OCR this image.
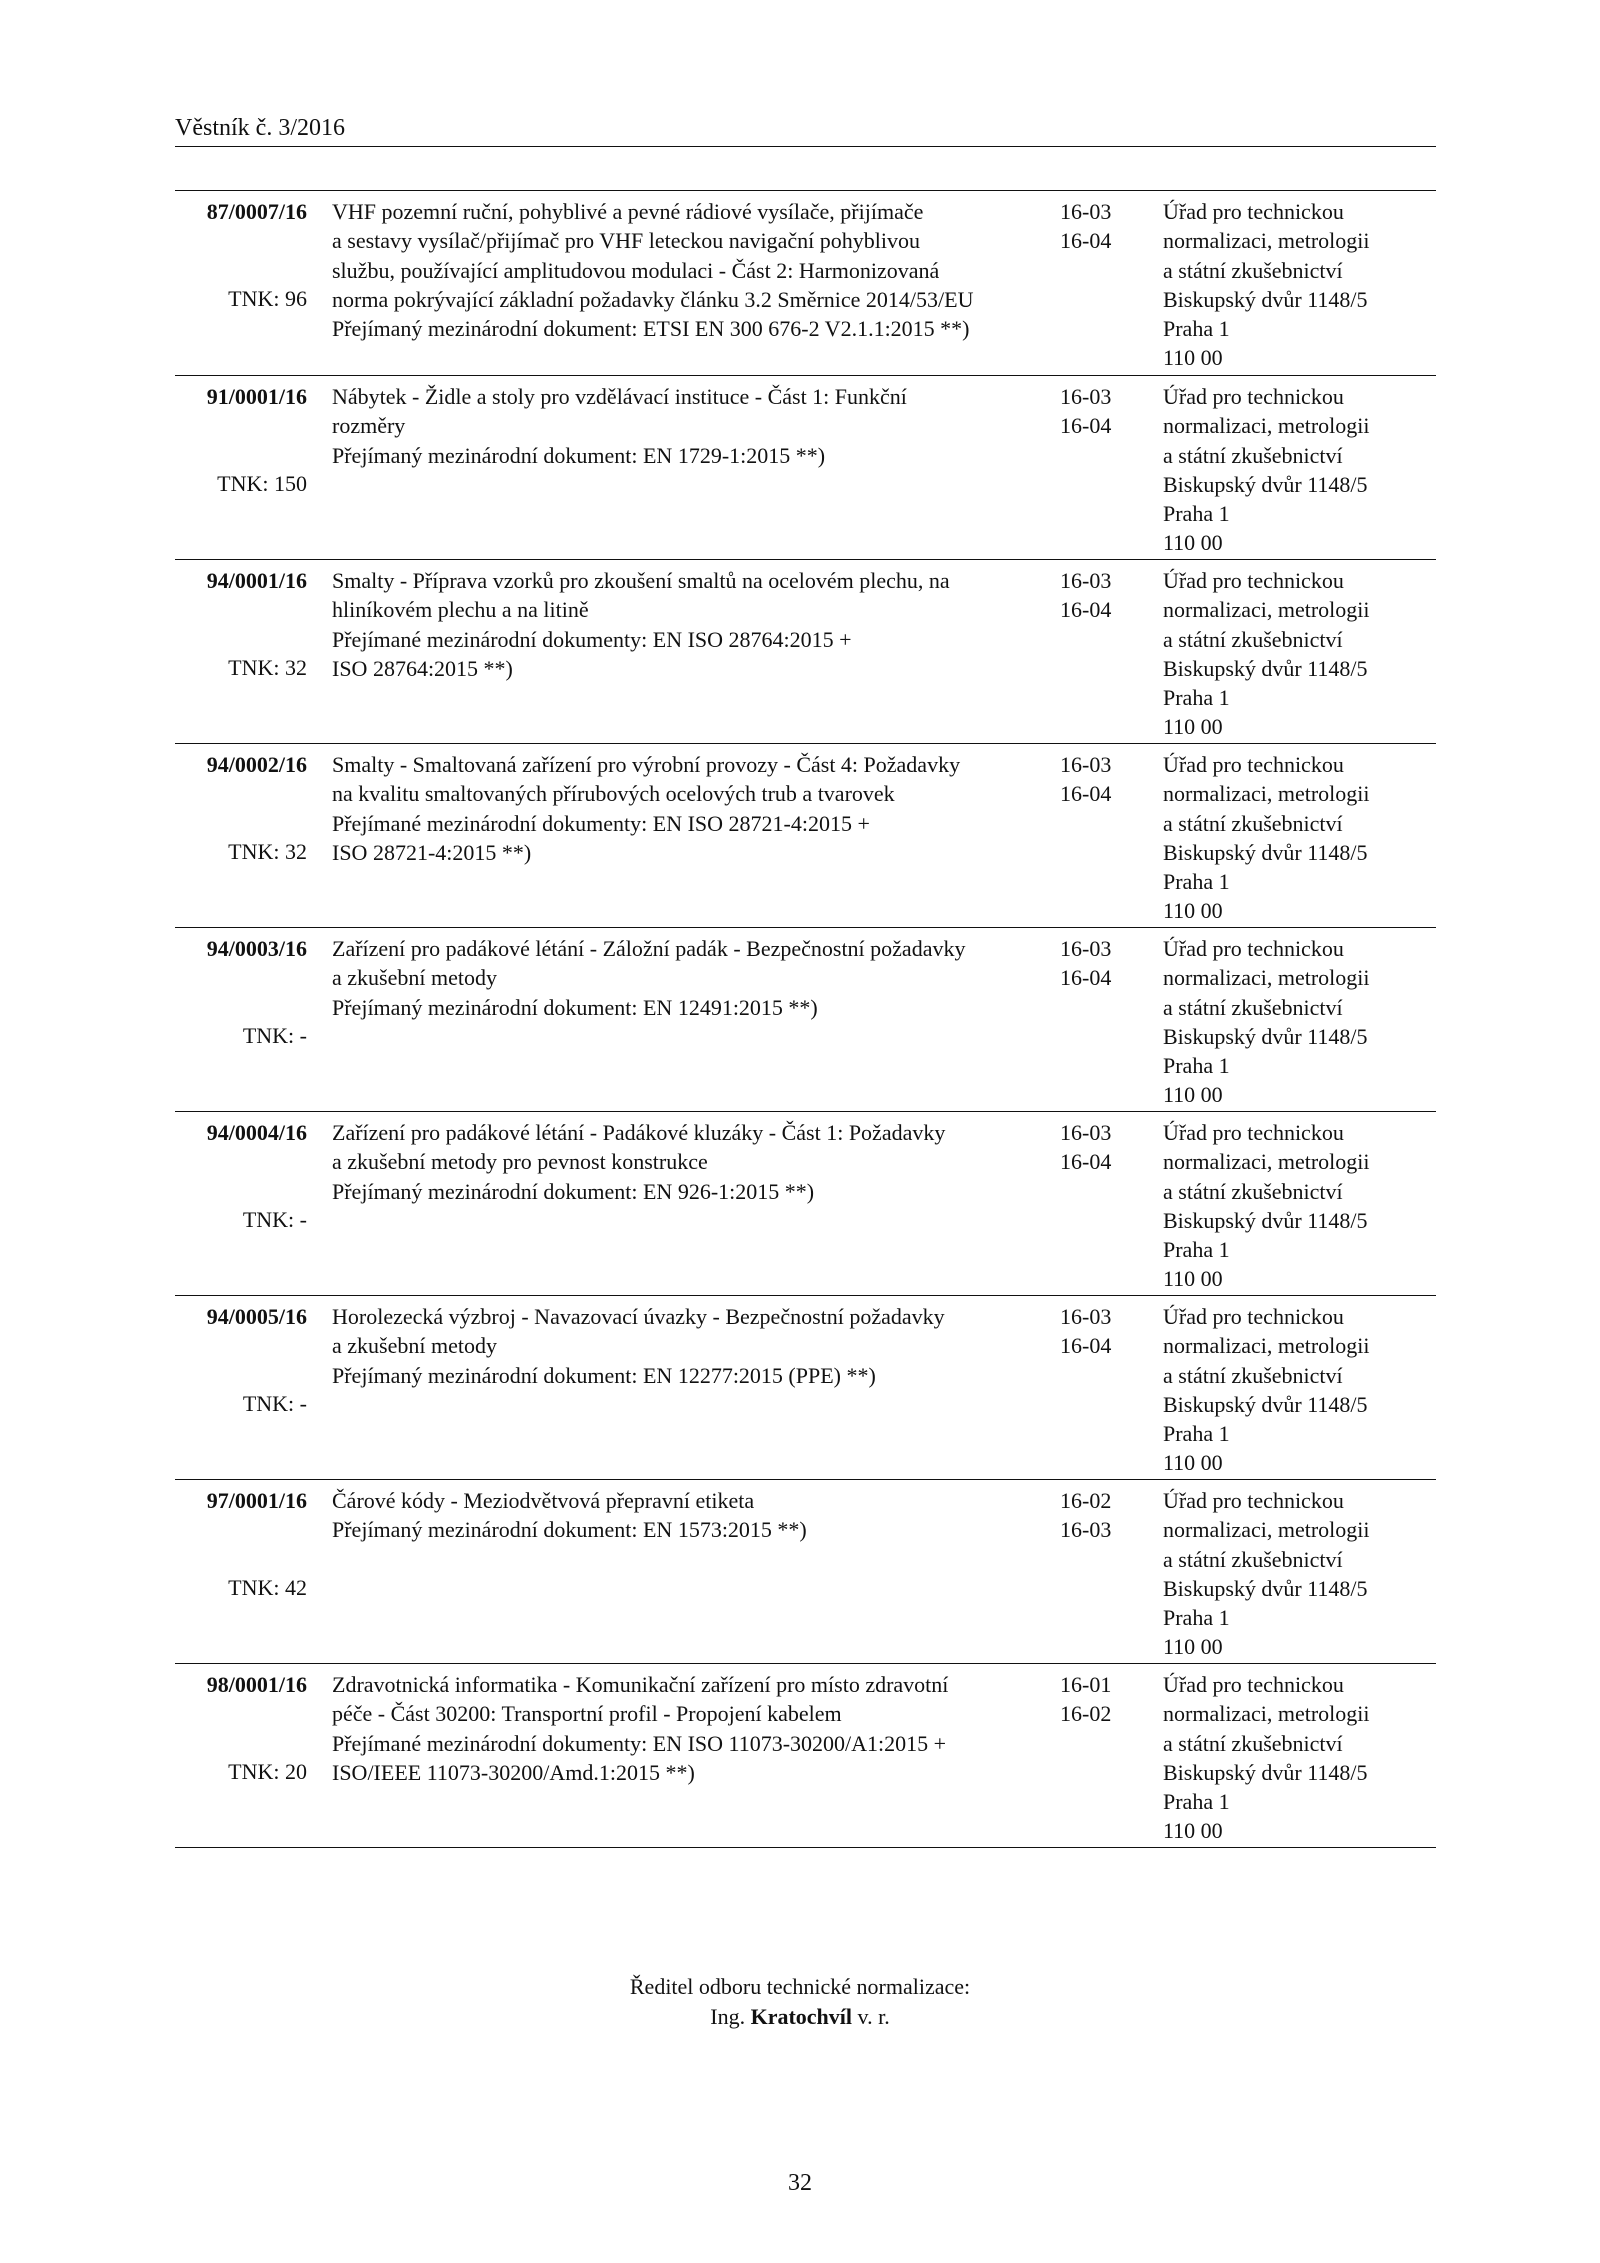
Věstník č. 3/2016
87/0007/16
TNK: 96
VHF pozemní ruční, pohyblivé a pevné rádiové vysílače, přijímače
a sestavy vysílač/přijímač pro VHF leteckou navigační pohyblivou
službu, používající amplitudovou modulaci - Část 2: Harmonizovaná
norma pokrývající základní požadavky článku 3.2 Směrnice 2014/53/EU
Přejímaný mezinárodní dokument: ETSI EN 300 676-2 V2.1.1:2015 **)
16-03
16-04
Úřad pro technickou
normalizaci, metrologii
a státní zkušebnictví
Biskupský dvůr 1148/5
Praha 1
110 00
91/0001/16
TNK: 150
Nábytek - Židle a stoly pro vzdělávací instituce - Část 1: Funkční
rozměry
Přejímaný mezinárodní dokument: EN 1729-1:2015 **)
16-03
16-04
Úřad pro technickou
normalizaci, metrologii
a státní zkušebnictví
Biskupský dvůr 1148/5
Praha 1
110 00
94/0001/16
TNK: 32
Smalty - Příprava vzorků pro zkoušení smaltů na ocelovém plechu, na
hliníkovém plechu a na litině
Přejímané mezinárodní dokumenty: EN ISO 28764:2015 +
ISO 28764:2015 **)
16-03
16-04
Úřad pro technickou
normalizaci, metrologii
a státní zkušebnictví
Biskupský dvůr 1148/5
Praha 1
110 00
94/0002/16
TNK: 32
Smalty - Smaltovaná zařízení pro výrobní provozy - Část 4: Požadavky
na kvalitu smaltovaných přírubových ocelových trub a tvarovek
Přejímané mezinárodní dokumenty: EN ISO 28721-4:2015 +
ISO 28721-4:2015 **)
16-03
16-04
Úřad pro technickou
normalizaci, metrologii
a státní zkušebnictví
Biskupský dvůr 1148/5
Praha 1
110 00
94/0003/16
TNK: -
Zařízení pro padákové létání - Záložní padák - Bezpečnostní požadavky
a zkušební metody
Přejímaný mezinárodní dokument: EN 12491:2015 **)
16-03
16-04
Úřad pro technickou
normalizaci, metrologii
a státní zkušebnictví
Biskupský dvůr 1148/5
Praha 1
110 00
94/0004/16
TNK: -
Zařízení pro padákové létání - Padákové kluzáky - Část 1: Požadavky
a zkušební metody pro pevnost konstrukce
Přejímaný mezinárodní dokument: EN 926-1:2015 **)
16-03
16-04
Úřad pro technickou
normalizaci, metrologii
a státní zkušebnictví
Biskupský dvůr 1148/5
Praha 1
110 00
94/0005/16
TNK: -
Horolezecká výzbroj - Navazovací úvazky - Bezpečnostní požadavky
a zkušební metody
Přejímaný mezinárodní dokument: EN 12277:2015 (PPE) **)
16-03
16-04
Úřad pro technickou
normalizaci, metrologii
a státní zkušebnictví
Biskupský dvůr 1148/5
Praha 1
110 00
97/0001/16
TNK: 42
Čárové kódy - Meziodvětvová přepravní etiketa
Přejímaný mezinárodní dokument: EN 1573:2015 **)
16-02
16-03
Úřad pro technickou
normalizaci, metrologii
a státní zkušebnictví
Biskupský dvůr 1148/5
Praha 1
110 00
98/0001/16
TNK: 20
Zdravotnická informatika - Komunikační zařízení pro místo zdravotní
péče - Část 30200: Transportní profil - Propojení kabelem
Přejímané mezinárodní dokumenty: EN ISO 11073-30200/A1:2015 +
ISO/IEEE 11073-30200/Amd.1:2015 **)
16-01
16-02
Úřad pro technickou
normalizaci, metrologii
a státní zkušebnictví
Biskupský dvůr 1148/5
Praha 1
110 00
Ředitel odboru technické normalizace:
Ing. Kratochvíl v. r.
32
